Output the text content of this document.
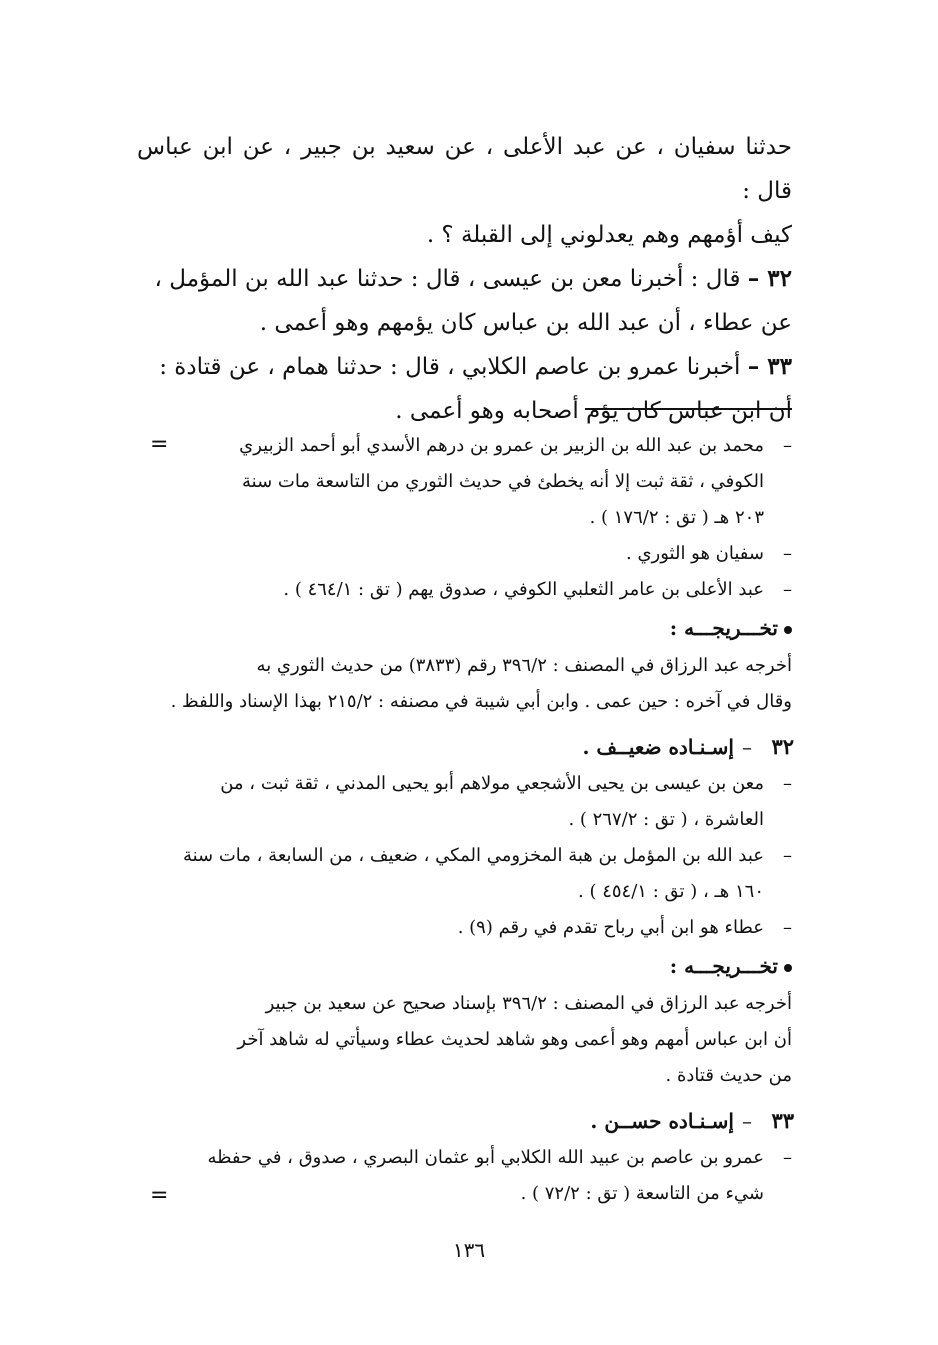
حدثنا سفيان ، عن عبد الأعلى ، عن سعيد بن جبير ، عن ابن عباس قال :
كيف أؤمهم وهم يعدلوني إلى القبلة ؟ .

٣٢ – قال : أخبرنا معن بن عيسى ، قال : حدثنا عبد الله بن المؤمل ،
عن عطاء ، أن عبد الله بن عباس كان يؤمهم وهو أعمى .

٣٣ – أخبرنا عمرو بن عاصم الكلابي ، قال : حدثنا همام ، عن قتادة :
أن ابن عباس كان يؤم أصحابه وهو أعمى .

=
=
–
محمد بن عبد الله بن الزبير بن عمرو بن درهم الأسدي أبو أحمد الزبيري
الكوفي ، ثقة ثبت إلا أنه يخطئ في حديث الثوري من التاسعة مات سنة
٢٠٣ هـ ( تق : ١٧٦/٢ ) .
–
سفيان هو الثوري .
–
عبد الأعلى بن عامر الثعلبي الكوفي ، صدوق يهم ( تق : ٤٦٤/١ ) .
تخـــريجـــه :
أخرجه عبد الرزاق في المصنف : ٣٩٦/٢ رقم (٣٨٣٣) من حديث الثوري به
وقال في آخره : حين عمى . وابن أبي شيبة في مصنفه : ٢١٥/٢ بهذا الإسناد واللفظ .
٣٢
–
إسـنـاده ضعيــف .
–
معن بن عيسى بن يحيى الأشجعي مولاهم أبو يحيى المدني ، ثقة ثبت ، من
العاشرة ، ( تق : ٢٦٧/٢ ) .
–
عبد الله بن المؤمل بن هبة المخزومي المكي ، ضعيف ، من السابعة ، مات سنة
١٦٠ هـ ، ( تق : ٤٥٤/١ ) .
–
عطاء هو ابن أبي رباح تقدم في رقم (٩) .
تخـــريجـــه :
أخرجه عبد الرزاق في المصنف : ٣٩٦/٢ بإسناد صحيح عن سعيد بن جبير
أن ابن عباس أمهم وهو أعمى وهو شاهد لحديث عطاء وسيأتي له شاهد آخر
من حديث قتادة .
٣٣
–
إسـنـاده حســن .
–
عمرو بن عاصم بن عبيد الله الكلابي أبو عثمان البصري ، صدوق ، في حفظه
شيء من التاسعة ( تق : ٧٢/٢ ) .
١٣٦
